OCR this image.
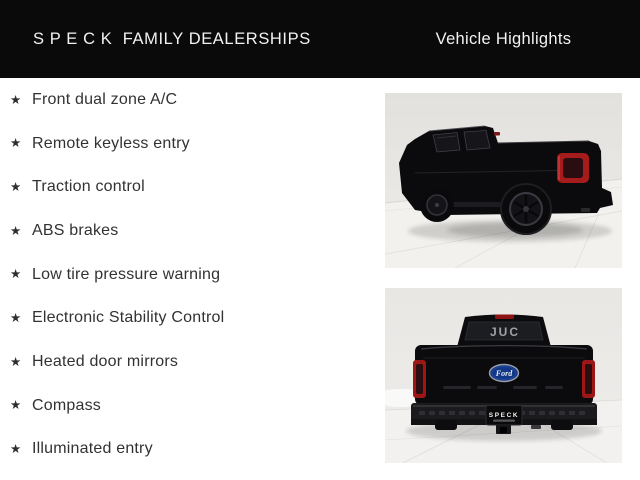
S P E C K  FAMILY DEALERSHIPS	Vehicle Highlights
★ Front dual zone A/C
★ Remote keyless entry
★ Traction control
★ ABS brakes
★ Low tire pressure warning
★ Electronic Stability Control
★ Heated door mirrors
★ Compass
★ Illuminated entry
JUC
Ford
SPECK
